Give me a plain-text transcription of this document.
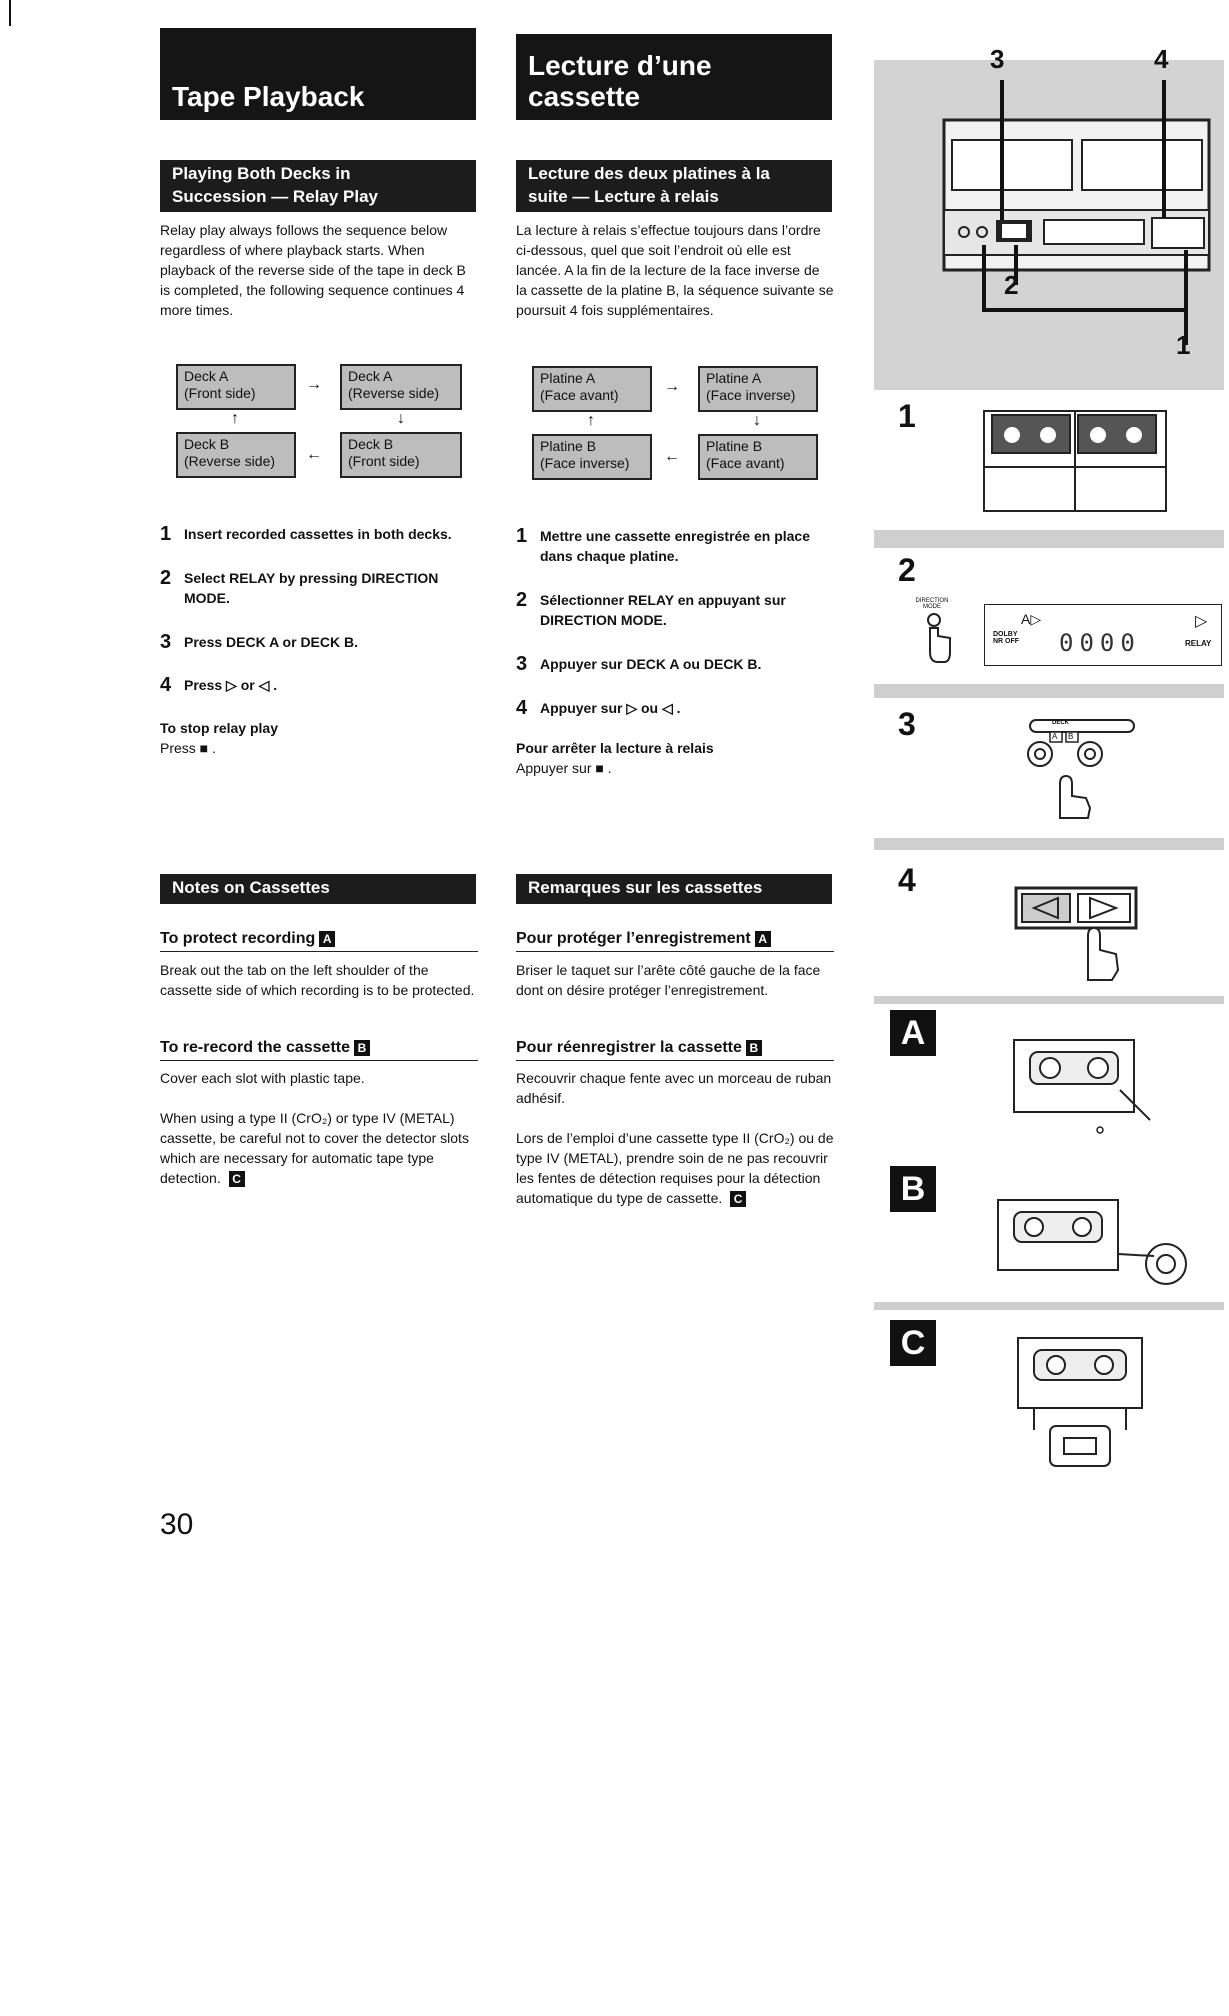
Tape Playback
Lecture d’une
cassette
Playing Both Decks in
Succession — Relay Play
Lecture des deux platines à la
suite — Lecture à relais
Relay play always follows the sequence below regardless of where playback starts. When playback of the reverse side of the tape in deck B is completed, the following sequence continues 4 more times.
La lecture à relais s’effectue toujours dans l’ordre ci-dessous, quel que soit l’endroit où elle est lancée. A la fin de la lecture de la face inverse de la cassette de la platine B, la séquence suivante se poursuit 4 fois supplémentaires.
Deck A
(Front side)	→ Deck A
(Reverse side)
↑	↓
Deck B
(Reverse side)	←
Deck B
(Front side)
Platine A
(Face avant)	→ Platine A
(Face inverse)
↑	↓
Platine B
(Face inverse)	←
Platine B
(Face avant)
1 Insert recorded cassettes in both decks.
2 Select RELAY by pressing DIRECTION MODE.
3 Press DECK A or DECK B.
4 Press ▷ or ◁ .
To stop relay play
Press ■ .
1 Mettre une cassette enregistrée en place dans chaque platine.
2 Sélectionner RELAY en appuyant sur DIRECTION MODE.
3 Appuyer sur DECK A ou DECK B.
4 Appuyer sur ▷ ou ◁ .
Pour arrêter la lecture à relais
Appuyer sur ■ .
Notes on Cassettes	Remarques sur les cassettes
To protect recording A
Break out the tab on the left shoulder of the cassette side of which recording is to be protected.
To re-record the cassette B
Cover each slot with plastic tape.
When using a type II (CrO₂) or type IV (METAL) cassette, be careful not to cover the detector slots which are necessary for automatic tape type detection. C
Pour protéger l’enregistrement A
Briser le taquet sur l’arête côté gauche de la face dont on désire protéger l’enregistrement.
Pour réenregistrer la cassette B
Recouvrir chaque fente avec un morceau de ruban adhésif.
Lors de l’emploi d’une cassette type II (CrO₂) ou de type IV (METAL), prendre soin de ne pas recouvrir les fentes de détection requises pour la détection automatique du type de cassette. C
3	4
2
1
1
2
DIRECTION MODE
A▷
DOLBY NR OFF 0000
▷
RELAY
3	DECK
A B
4
A
B
C
30
